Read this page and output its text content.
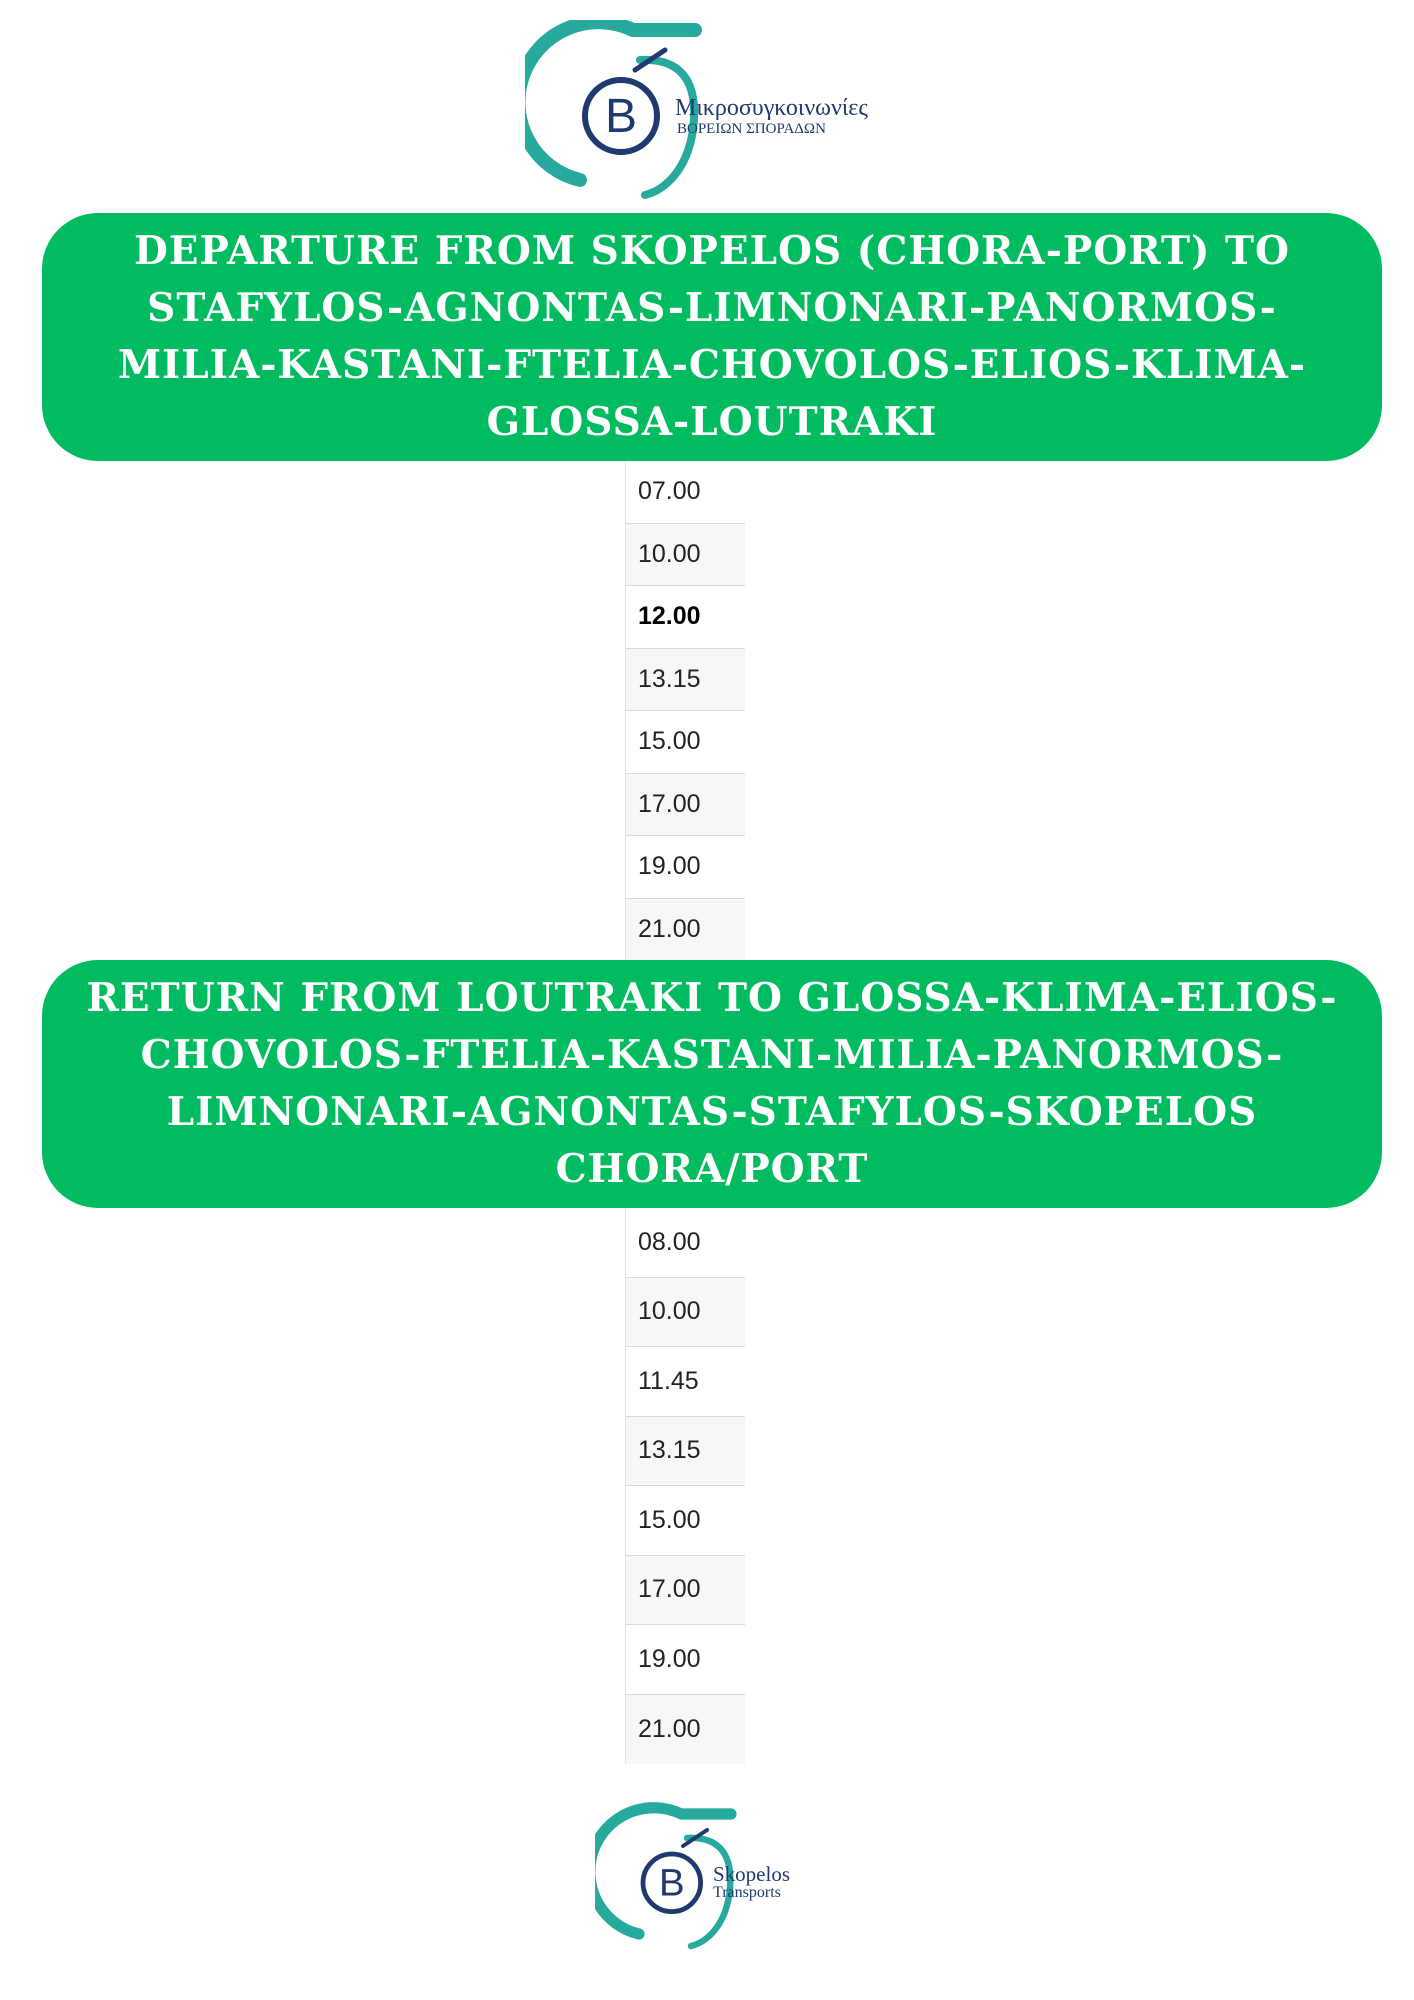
B Μικροσυγκοινωνίες
ΒΟΡΕΙΩΝ ΣΠΟΡΑΔΩΝ
DEPARTURE FROM SKOPELOS (CHORA-PORT) TO STAFYLOS-AGNONTAS-LIMNONARI-PANORMOS-MILIA-KASTANI-FTELIA-CHOVOLOS-ELIOS-KLIMA-GLOSSA-LOUTRAKI
07.00
10.00
12.00
13.15
15.00
17.00
19.00
21.00
RETURN FROM LOUTRAKI TO GLOSSA-KLIMA-ELIOS-CHOVOLOS-FTELIA-KASTANI-MILIA-PANORMOS-LIMNONARI-AGNONTAS-STAFYLOS-SKOPELOS CHORA/PORT
08.00
10.00
11.45
13.15
15.00
17.00
19.00
21.00
B Skopelos
Transports
